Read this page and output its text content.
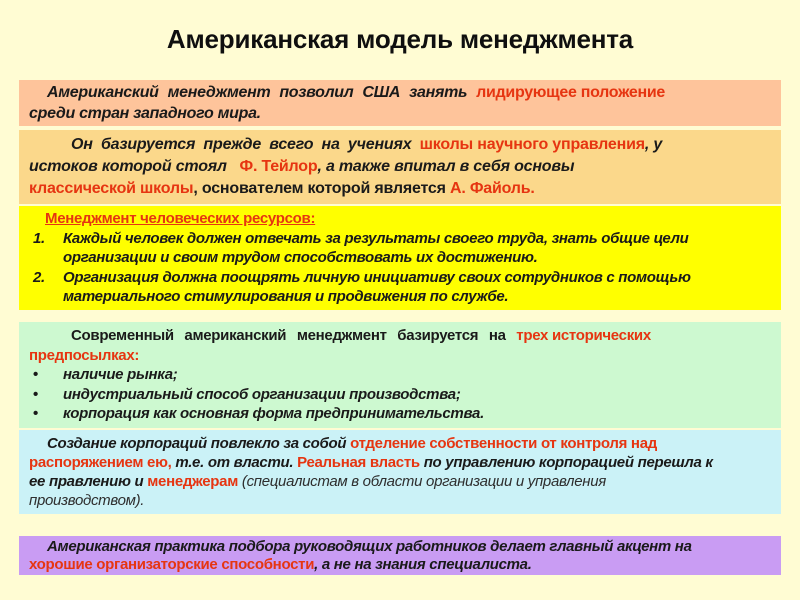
Американская модель менеджмента
Американский менеджмент позволил США занять лидирующее положение
среди стран западного мира.
Он базируется прежде всего на учениях школы научного управления, у
истоков которой стоял   Ф. Тейлор, а также впитал в себя основы
классической школы, основателем которой является А. Файоль.
Менеджмент человеческих ресурсов:
1.	Каждый человек должен отвечать за результаты своего труда, знать общие цели
организации и своим трудом способствовать их достижению.
2.	Организация должна поощрять личную инициативу своих сотрудников с помощью
материального стимулирования и продвижения по службе.
Современный американский менеджмент базируется на трех исторических
предпосылках:
•	наличие рынка;
•	индустриальный способ организации производства;
•	корпорация как основная форма предпринимательства.
Создание корпораций повлекло за собой отделение собственности от контроля над
распоряжением ею, т.е. от власти. Реальная власть по управлению корпорацией перешла к
ее правлению и менеджерам (специалистам в области организации и управления
производством).
Американская практика подбора руководящих работников делает главный акцент на
хорошие организаторские способности, а не на знания специалиста.
